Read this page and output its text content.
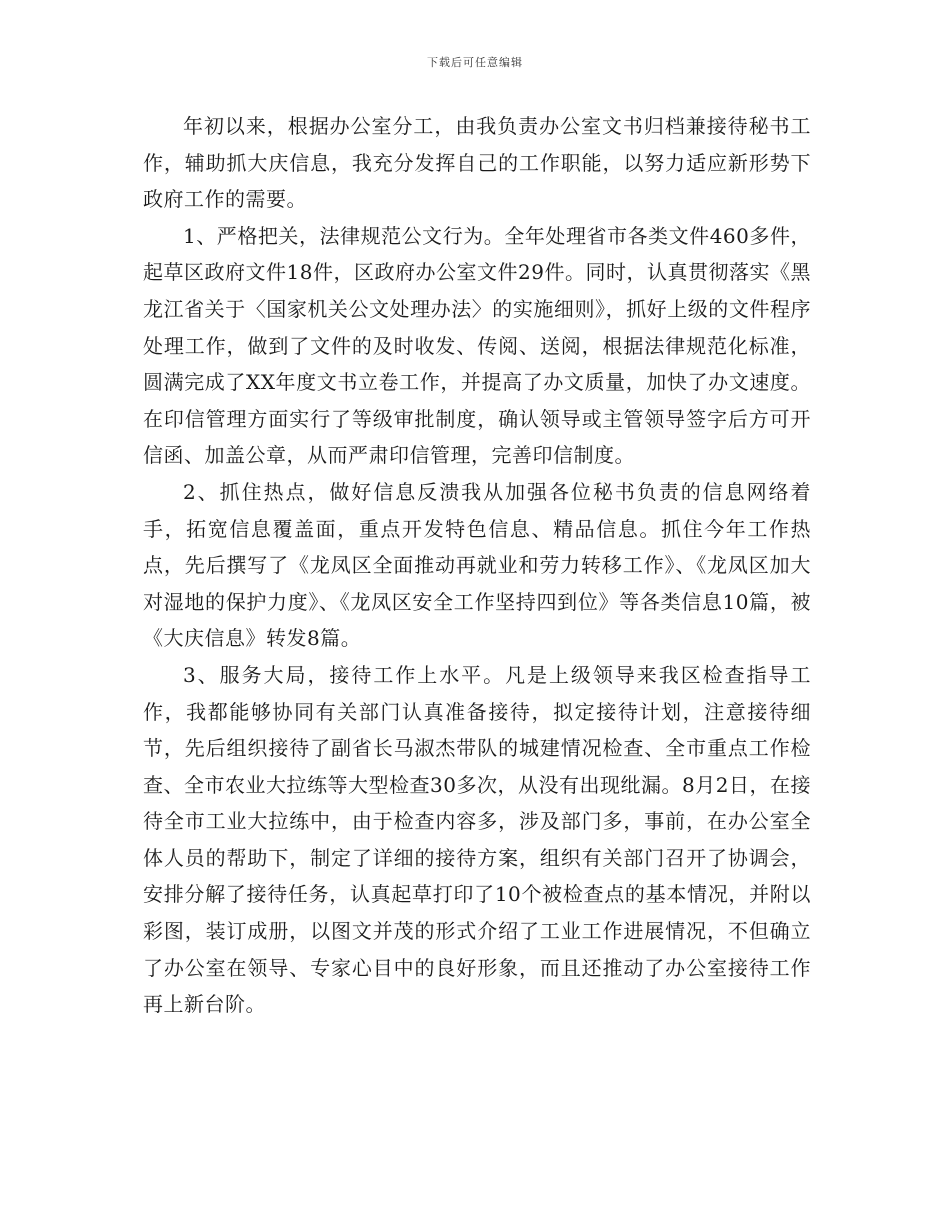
下载后可任意编辑

年初以来，根据办公室分工，由我负责办公室文书归档兼接待秘书工作，辅助抓大庆信息，我充分发挥自己的工作职能，以努力适应新形势下政府工作的需要。

1、严格把关，法律规范公文行为。全年处理省市各类文件460多件，起草区政府文件18件，区政府办公室文件29件。同时，认真贯彻落实《黑龙江省关于〈国家机关公文处理办法〉的实施细则》，抓好上级的文件程序处理工作，做到了文件的及时收发、传阅、送阅，根据法律规范化标准，圆满完成了XX年度文书立卷工作，并提高了办文质量，加快了办文速度。在印信管理方面实行了等级审批制度，确认领导或主管领导签字后方可开信函、加盖公章，从而严肃印信管理，完善印信制度。

2、抓住热点，做好信息反溃我从加强各位秘书负责的信息网络着手，拓宽信息覆盖面，重点开发特色信息、精品信息。抓住今年工作热点，先后撰写了《龙凤区全面推动再就业和劳力转移工作》、《龙凤区加大对湿地的保护力度》、《龙凤区安全工作坚持四到位》等各类信息10篇，被《大庆信息》转发8篇。

3、服务大局，接待工作上水平。凡是上级领导来我区检查指导工作，我都能够协同有关部门认真准备接待，拟定接待计划，注意接待细节，先后组织接待了副省长马淑杰带队的城建情况检查、全市重点工作检查、全市农业大拉练等大型检查30多次，从没有出现纰漏。8月2日，在接待全市工业大拉练中，由于检查内容多，涉及部门多，事前，在办公室全体人员的帮助下，制定了详细的接待方案，组织有关部门召开了协调会，安排分解了接待任务，认真起草打印了10个被检查点的基本情况，并附以彩图，装订成册，以图文并茂的形式介绍了工业工作进展情况，不但确立了办公室在领导、专家心目中的良好形象，而且还推动了办公室接待工作再上新台阶。
